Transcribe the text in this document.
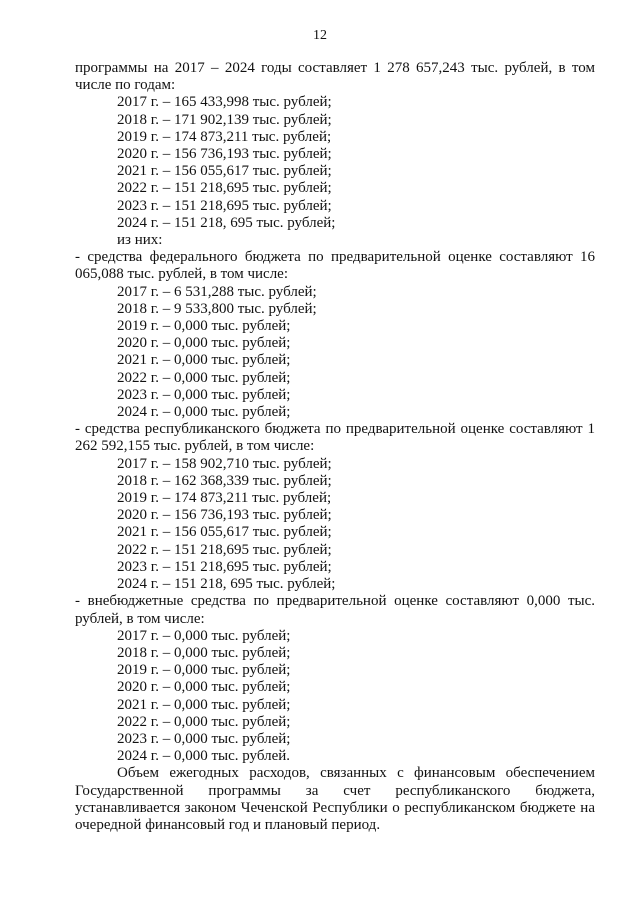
12

программы на 2017 – 2024 годы составляет 1 278 657,243 тыс. рублей, в том числе по годам:

2017 г. – 165 433,998 тыс. рублей;
2018 г. – 171 902,139 тыс. рублей;
2019 г. – 174 873,211 тыс. рублей;
2020 г. – 156 736,193 тыс. рублей;
2021 г. – 156 055,617 тыс. рублей;
2022 г. – 151 218,695 тыс. рублей;
2023 г. – 151 218,695 тыс. рублей;
2024 г. – 151 218, 695 тыс. рублей;
из них:

- средства федерального бюджета по предварительной оценке составляют 16 065,088 тыс. рублей, в том числе:

2017 г. – 6 531,288 тыс. рублей;
2018 г. – 9 533,800 тыс. рублей;
2019 г. – 0,000 тыс. рублей;
2020 г. – 0,000 тыс. рублей;
2021 г. – 0,000 тыс. рублей;
2022 г. – 0,000 тыс. рублей;
2023 г. – 0,000 тыс. рублей;
2024 г. – 0,000 тыс. рублей;

- средства республиканского бюджета по предварительной оценке составляют 1 262 592,155 тыс. рублей, в том числе:

2017 г. – 158 902,710 тыс. рублей;
2018 г. – 162 368,339 тыс. рублей;
2019 г. – 174 873,211 тыс. рублей;
2020 г. – 156 736,193 тыс. рублей;
2021 г. – 156 055,617 тыс. рублей;
2022 г. – 151 218,695 тыс. рублей;
2023 г. – 151 218,695 тыс. рублей;
2024 г. – 151 218, 695 тыс. рублей;

- внебюджетные средства по предварительной оценке составляют 0,000 тыс. рублей, в том числе:

2017 г. – 0,000 тыс. рублей;
2018 г. – 0,000 тыс. рублей;
2019 г. – 0,000 тыс. рублей;
2020 г. – 0,000 тыс. рублей;
2021 г. – 0,000 тыс. рублей;
2022 г. – 0,000 тыс. рублей;
2023 г. – 0,000 тыс. рублей;
2024 г. – 0,000 тыс. рублей.

Объем ежегодных расходов, связанных с финансовым обеспечением Государственной программы за счет республиканского бюджета, устанавливается законом Чеченской Республики о республиканском бюджете на очередной финансовый год и плановый период.
